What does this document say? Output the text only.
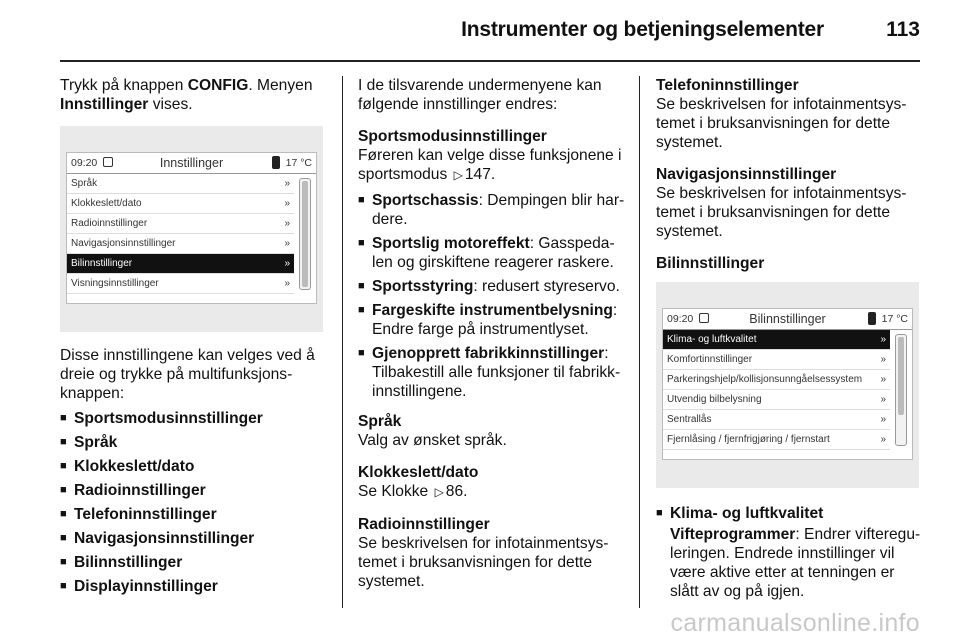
Instrumenter og betjeningselementer	113

Trykk på knappen CONFIG. Menyen Innstillinger vises.

Innstillinger
09:20	17 °C
Språk	»
Klokkeslett/dato	»
Radioinnstillinger	»
Navigasjonsinnstillinger	»
Bilinnstillinger	»
Visningsinnstillinger	»

Disse innstillingene kan velges ved å dreie og trykke på multifunksjonsknappen:

■ Sportsmodusinnstillinger
■ Språk
■ Klokkeslett/dato
■ Radioinnstillinger
■ Telefoninnstillinger
■ Navigasjonsinnstillinger
■ Bilinnstillinger
■ Displayinnstillinger

I de tilsvarende undermenyene kan følgende innstillinger endres:

Sportsmodusinnstillinger

Føreren kan velge disse funksjonene i sportsmodus ▷ 147.

■ Sportschassis: Dempingen blir hardere.
■ Sportslig motoreffekt: Gasspedalen og girskiftene reagerer raskere.
■ Sportsstyring: redusert styreservo.
■ Fargeskifte instrumentbelysning: Endre farge på instrumentlyset.
■ Gjenopprett fabrikkinnstillinger: Tilbakestill alle funksjoner til fabrikkinnstillingene.

Språk

Valg av ønsket språk.

Klokkeslett/dato

Se Klokke ▷ 86.

Radioinnstillinger

Se beskrivelsen for infotainmentsystemet i bruksanvisningen for dette systemet.

Telefoninnstillinger

Se beskrivelsen for infotainmentsystemet i bruksanvisningen for dette systemet.

Navigasjonsinnstillinger

Se beskrivelsen for infotainmentsystemet i bruksanvisningen for dette systemet.

Bilinnstillinger

Bilinnstillinger
09:20	17 °C
Klima- og luftkvalitet	»
Komfortinnstillinger	»
Parkeringshjelp/kollisjonsunngåelsessystem »
Utvendig bilbelysning	»
Sentrallås	»
Fjernlåsing / fjernfrigjøring / fjernstart	»
■ Klima- og luftkvalitet

Vifteprogrammer: Endrer viftereguleringen. Endrede innstillinger vil være aktive etter at tenningen er slått av og på igjen.

carmanualsonline.info
